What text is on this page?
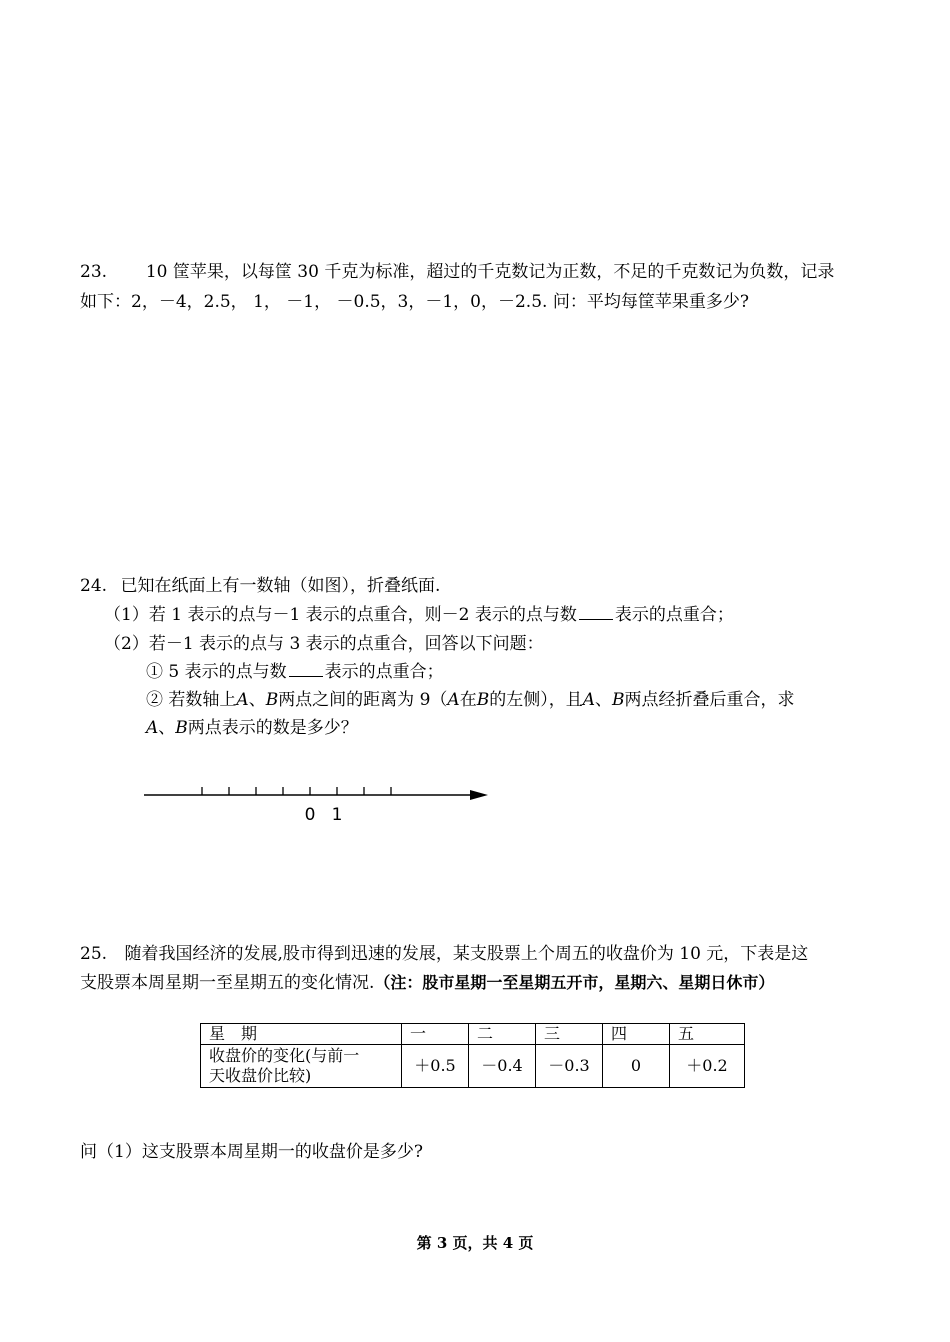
23. 10 筐苹果，以每筐 30 千克为标准，超过的千克数记为正数，不足的千克数记为负数，记录
如下：2，－4，2.5， 1， －1， －0.5，3，－1，0，－2.5. 问：平均每筐苹果重多少?
24. 已知在纸面上有一数轴（如图），折叠纸面.
（1）若 1 表示的点与－1 表示的点重合，则－2 表示的点与数 表示的点重合；
（2）若－1 表示的点与 3 表示的点重合，回答以下问题：
① 5 表示的点与数 表示的点重合；
② 若数轴上A、B两点之间的距离为 9（A在B的左侧），且A、B两点经折叠后重合，求
A、B两点表示的数是多少？
0 1
25. 随着我国经济的发展,股市得到迅速的发展，某支股票上个周五的收盘价为 10 元，下表是这
支股票本周星期一至星期五的变化情况.（注：股市星期一至星期五开市，星期六、星期日休市）
星　期	一	二	三	四	五

收盘价的变化(与前一
天收盘价比较)	＋0.5	－0.4	－0.3	0	＋0.2
问（1）这支股票本周星期一的收盘价是多少?
第 3 页，共 4 页
